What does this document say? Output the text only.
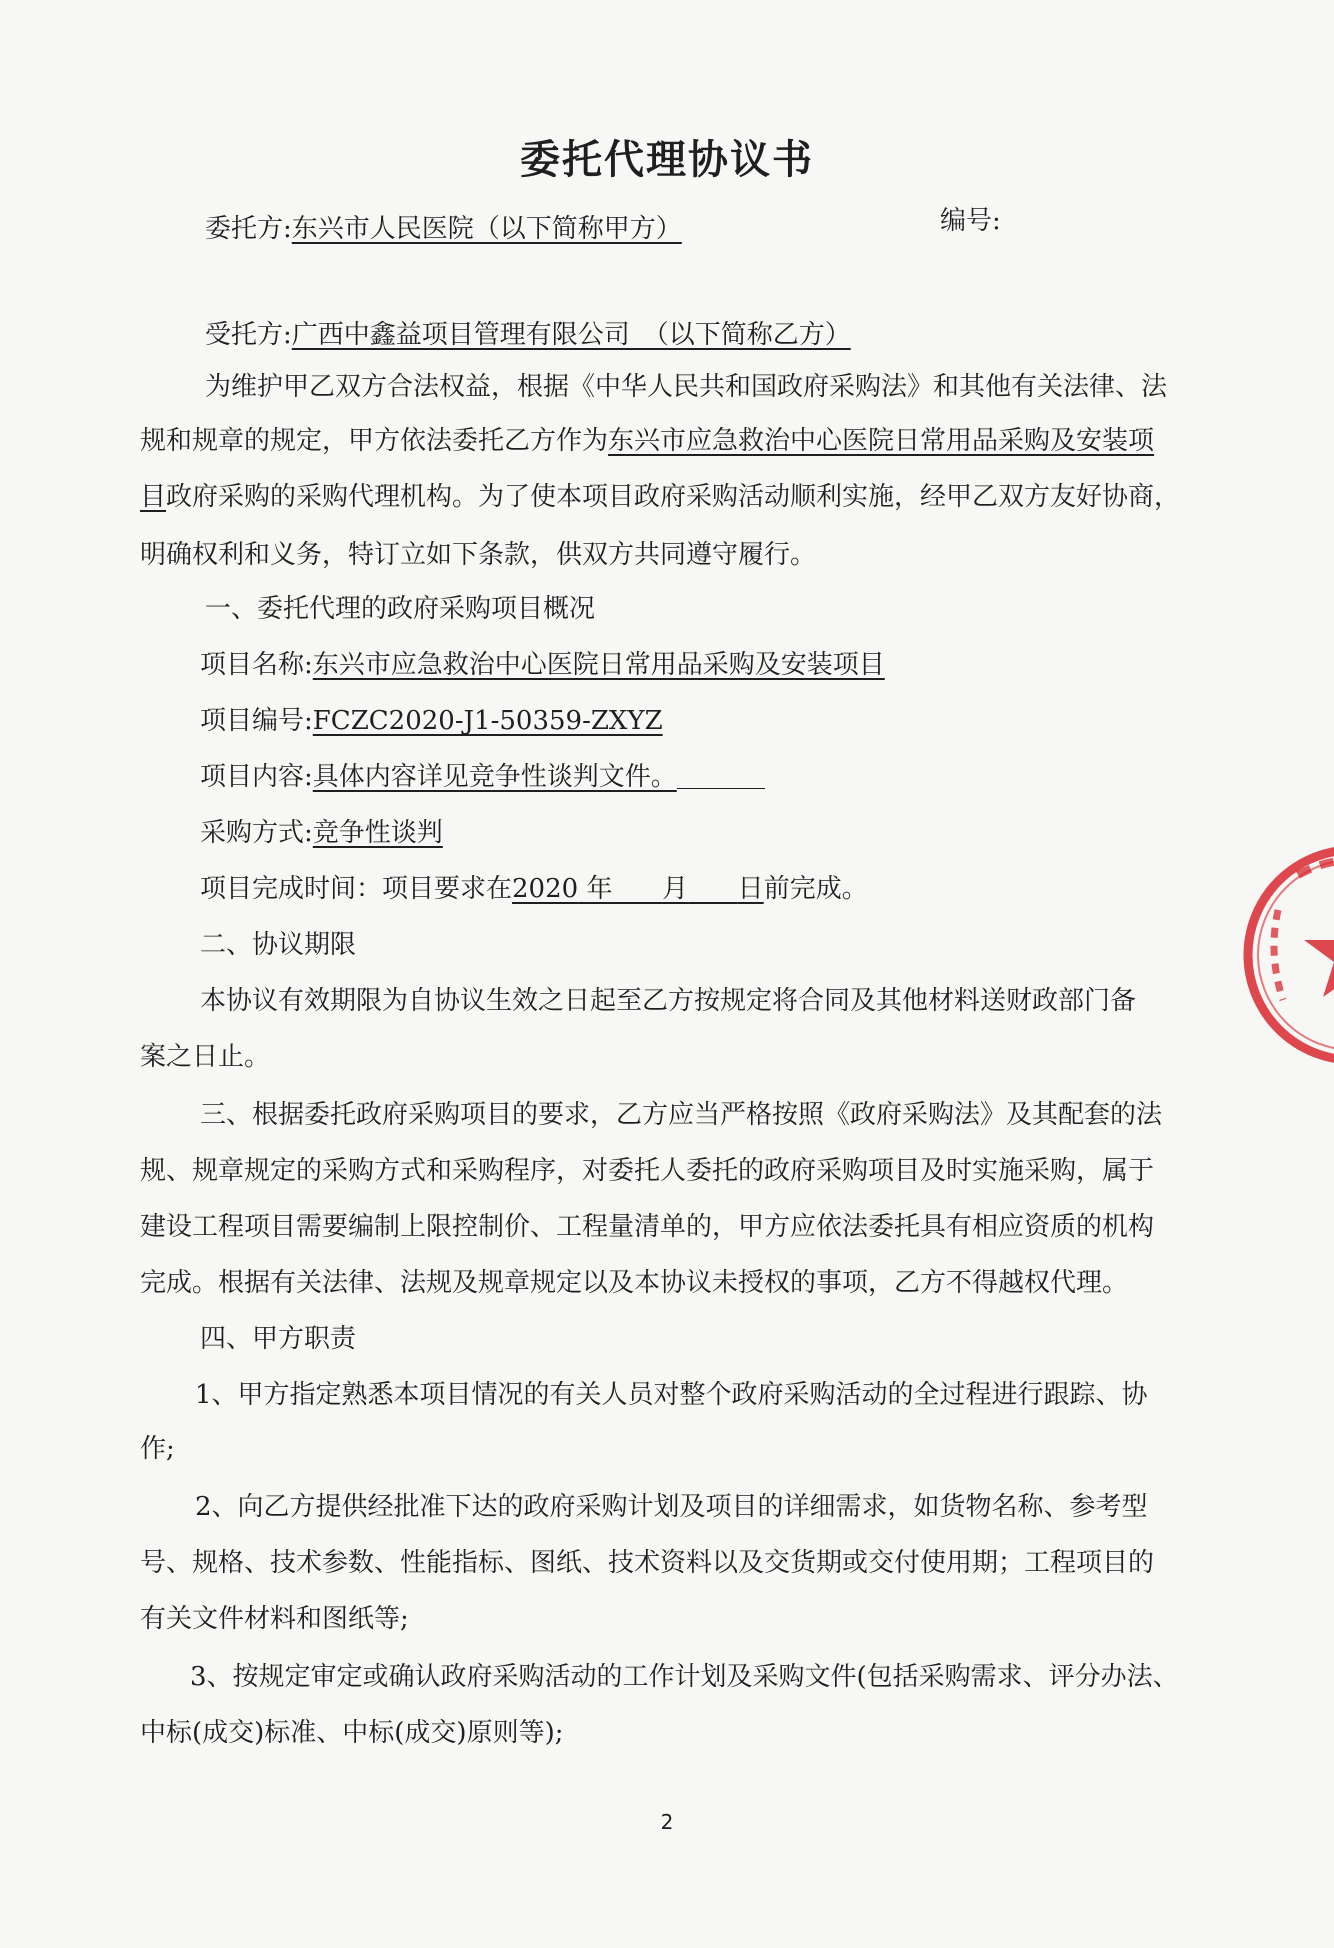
委托代理协议书
编号:
委托方:东兴市人民医院（以下简称甲方）
受托方:广西中鑫益项目管理有限公司　（以下简称乙方）
为维护甲乙双方合法权益，根据《中华人民共和国政府采购法》和其他有关法律、法
规和规章的规定，甲方依法委托乙方作为东兴市应急救治中心医院日常用品采购及安装项
目政府采购的采购代理机构。为了使本项目政府采购活动顺利实施，经甲乙双方友好协商，
明确权利和义务，特订立如下条款，供双方共同遵守履行。
一、委托代理的政府采购项目概况
项目名称:东兴市应急救治中心医院日常用品采购及安装项目
项目编号:FCZC2020-J1-50359-ZXYZ
项目内容:具体内容详见竞争性谈判文件。
采购方式:竞争性谈判
项目完成时间：项目要求在2020 年 月 日前完成。
二、协议期限
本协议有效期限为自协议生效之日起至乙方按规定将合同及其他材料送财政部门备
案之日止。
三、根据委托政府采购项目的要求，乙方应当严格按照《政府采购法》及其配套的法
规、规章规定的采购方式和采购程序，对委托人委托的政府采购项目及时实施采购，属于
建设工程项目需要编制上限控制价、工程量清单的，甲方应依法委托具有相应资质的机构
完成。根据有关法律、法规及规章规定以及本协议未授权的事项，乙方不得越权代理。
四、甲方职责
1、甲方指定熟悉本项目情况的有关人员对整个政府采购活动的全过程进行跟踪、协
作;
2、向乙方提供经批准下达的政府采购计划及项目的详细需求，如货物名称、参考型
号、规格、技术参数、性能指标、图纸、技术资料以及交货期或交付使用期；工程项目的
有关文件材料和图纸等;
3、按规定审定或确认政府采购活动的工作计划及采购文件(包括采购需求、评分办法、
中标(成交)标准、中标(成交)原则等);
2
